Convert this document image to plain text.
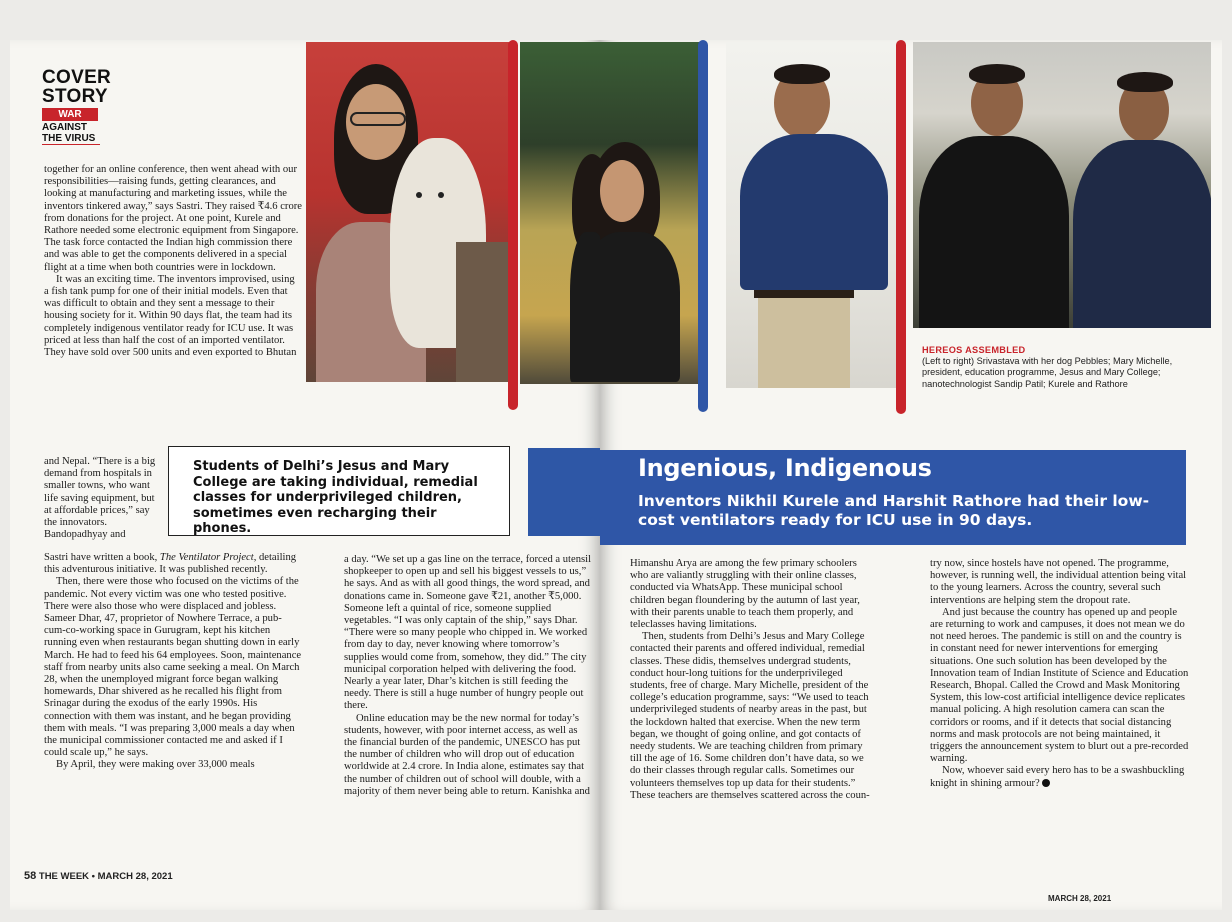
COVER
STORY
WAR
AGAINST
THE VIRUS

together for an online conference, then went ahead with our responsibilities—raising funds, getting clearances, and looking at manufacturing and marketing issues, while the inventors tinkered away,” says Sastri. They raised ₹4.6 crore from donations for the project. At one point, Kurele and Rathore needed some electronic equipment from Singapore. The task force contacted the Indian high commission there and was able to get the components delivered in a special flight at a time when both countries were in lockdown.

It was an exciting time. The inventors improvised, using a fish tank pump for one of their initial models. Even that was difficult to obtain and they sent a message to their housing society for it. Within 90 days flat, the team had its completely indigenous ventilator ready for ICU use. It was priced at less than half the cost of an imported ventilator. They have sold over 500 units and even exported to Bhutan

and Nepal. “There is a big demand from hospitals in smaller towns, who want life saving equipment, but at affordable prices,” say the innovators. Bandopadhyay and

Sastri have written a book, The Ventilator Project, detailing this adventurous initiative. It was published recently.

Then, there were those who focused on the victims of the pandemic. Not every victim was one who tested positive. There were also those who were displaced and jobless. Sameer Dhar, 47, proprietor of Nowhere Terrace, a pub-cum-co-working space in Gurugram, kept his kitchen running even when restaurants began shutting down in early March. He had to feed his 64 employees. Soon, maintenance staff from nearby units also came seeking a meal. On March 28, when the unemployed migrant force began walking homewards, Dhar shivered as he recalled his flight from Srinagar during the exodus of the early 1990s. His connection with them was instant, and he began providing them with meals. “I was preparing 3,000 meals a day when the municipal commissioner contacted me and asked if I could scale up,” he says.

By April, they were making over 33,000 meals

Students of Delhi’s Jesus and Mary College are taking individual, remedial classes for underprivileged children, sometimes even recharging their phones.

a day. “We set up a gas line on the terrace, forced a utensil shopkeeper to open up and sell his biggest vessels to us,” he says. And as with all good things, the word spread, and donations came in. Someone gave ₹21, another ₹5,000. Someone left a quintal of rice, someone supplied vegetables. “I was only captain of the ship,” says Dhar. “There were so many people who chipped in. We worked from day to day, never knowing where tomorrow’s supplies would come from, somehow, they did.” The city municipal corporation helped with delivering the food. Nearly a year later, Dhar’s kitchen is still feeding the needy. There is still a huge number of hungry people out there.

Online education may be the new normal for today’s students, however, with poor internet access, as well as the financial burden of the pandemic, UNESCO has put the number of children who will drop out of education worldwide at 2.4 crore. In India alone, estimates say that the number of children out of school will double, with a majority of them never being able to return. Kanishka and

58 THE WEEK • MARCH 28, 2021
HEREOS ASSEMBLED
(Left to right) Srivastava with her dog Pebbles; Mary Michelle, president, education programme, Jesus and Mary College; nanotechnologist Sandip Patil; Kurele and Rathore
Ingenious, Indigenous
Inventors Nikhil Kurele and Harshit Rathore had their low-cost ventilators ready for ICU use in 90 days.

Himanshu Arya are among the few primary schoolers who are valiantly struggling with their online classes, conducted via WhatsApp. These municipal school children began floundering by the autumn of last year, with their parents unable to teach them properly, and teleclasses having limitations.

Then, students from Delhi’s Jesus and Mary College contacted their parents and offered individual, remedial classes. These didis, themselves undergrad students, conduct hour-long tuitions for the underprivileged students, free of charge. Mary Michelle, president of the college’s education programme, says: “We used to teach underprivileged students of nearby areas in the past, but the lockdown halted that exercise. When the new term began, we thought of going online, and got contacts of needy students. We are teaching children from primary till the age of 16. Some children don’t have data, so we do their classes through regular calls. Sometimes our volunteers themselves top up data for their students.” These teachers are themselves scattered across the coun-

try now, since hostels have not opened. The programme, however, is running well, the individual attention being vital to the young learners. Across the country, several such interventions are helping stem the dropout rate.

And just because the country has opened up and people are returning to work and campuses, it does not mean we do not need heroes. The pandemic is still on and the country is in constant need for newer interventions for emerging situations. One such solution has been developed by the Innovation team of Indian Institute of Science and Education Research, Bhopal. Called the Crowd and Mask Monitoring System, this low-cost artificial intelligence device replicates manual policing. A high resolution camera can scan the corridors or rooms, and if it detects that social distancing norms and mask protocols are not being maintained, it triggers the announcement system to blurt out a pre-recorded warning.

Now, whoever said every hero has to be a swashbuckling knight in shining armour?

MARCH 28, 2021
